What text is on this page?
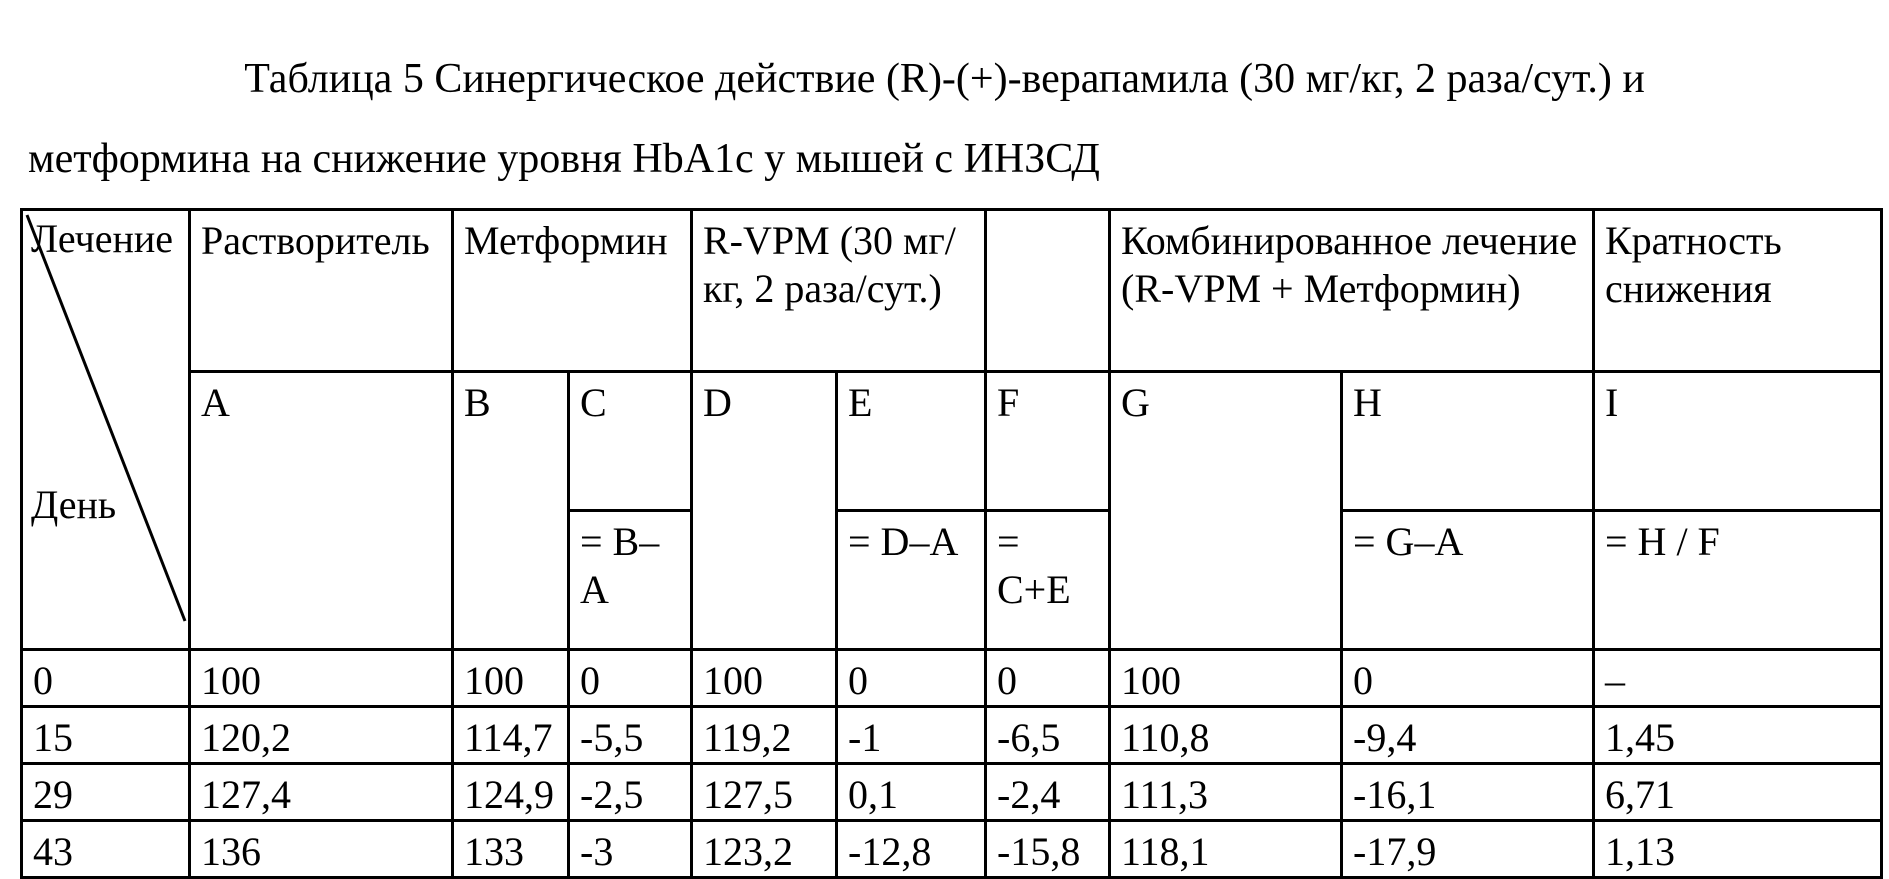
Таблица 5 Синергическое действие (R)-(+)-верапамила (30 мг/кг, 2 раза/сут.) и
метформина на снижение уровня HbA1c у мышей с ИНЗСД
Лечение
День	Растворитель	Метформин		R-VPM (30 мг/кг, 2 раза/сут.)			Комбинированное лечение (R-VPM + Метформин)		Кратность снижения
	A	B	C	D	E	F	G	H	I
			= B–A		= D–A	= C+E		= G–A	= H / F
0	100	100	0	100	0	0	100	0	–
15	120,2	114,7	-5,5	119,2	-1	-6,5	110,8	-9,4	1,45
29	127,4	124,9	-2,5	127,5	0,1	-2,4	111,3	-16,1	6,71
43	136	133	-3	123,2	-12,8	-15,8	118,1	-17,9	1,13
